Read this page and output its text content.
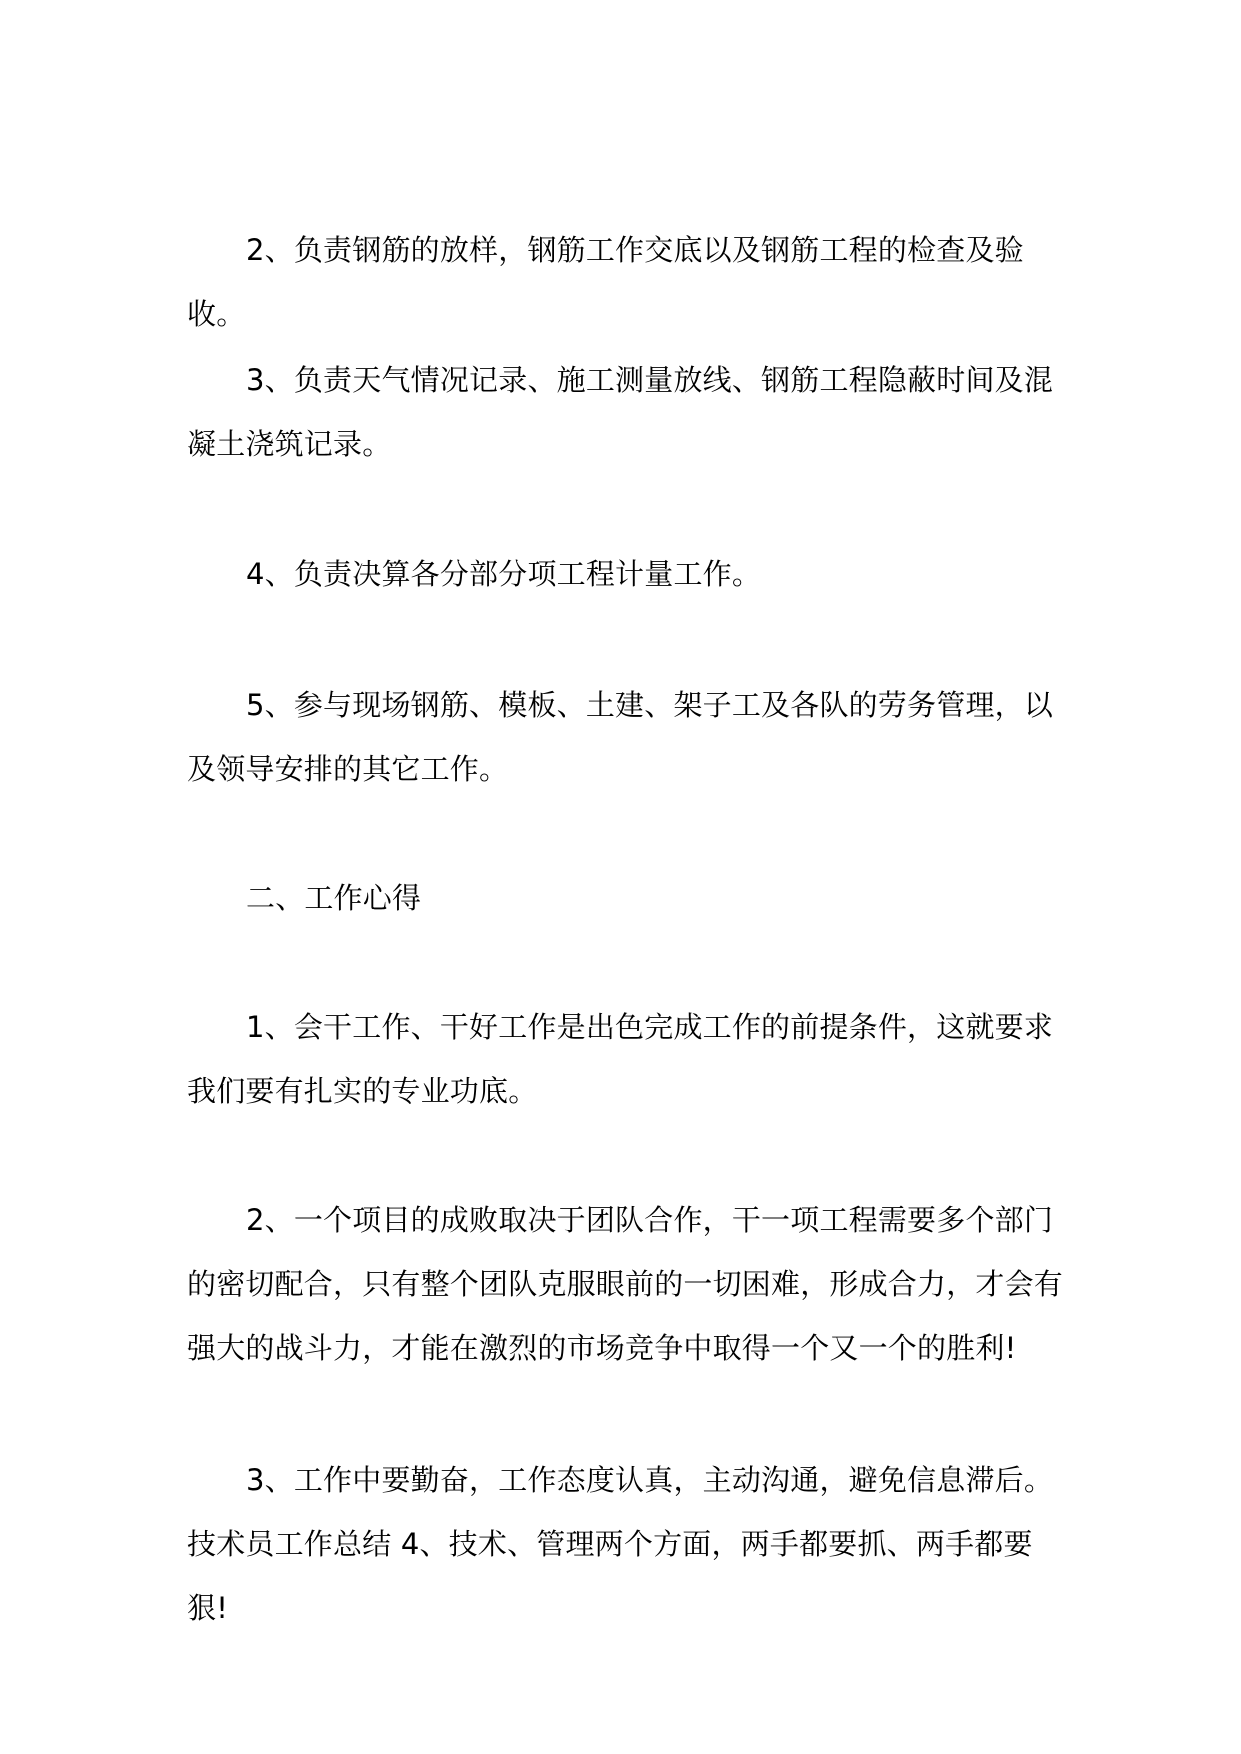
2、负责钢筋的放样，钢筋工作交底以及钢筋工程的检查及验收。

3、负责天气情况记录、施工测量放线、钢筋工程隐蔽时间及混凝土浇筑记录。

4、负责决算各分部分项工程计量工作。

5、参与现场钢筋、模板、土建、架子工及各队的劳务管理，以及领导安排的其它工作。

二、工作心得

1、会干工作、干好工作是出色完成工作的前提条件，这就要求我们要有扎实的专业功底。

2、一个项目的成败取决于团队合作，干一项工程需要多个部门的密切配合，只有整个团队克服眼前的一切困难，形成合力，才会有强大的战斗力，才能在激烈的市场竞争中取得一个又一个的胜利!

3、工作中要勤奋，工作态度认真，主动沟通，避免信息滞后。技术员工作总结 4、技术、管理两个方面，两手都要抓、两手都要狠!
